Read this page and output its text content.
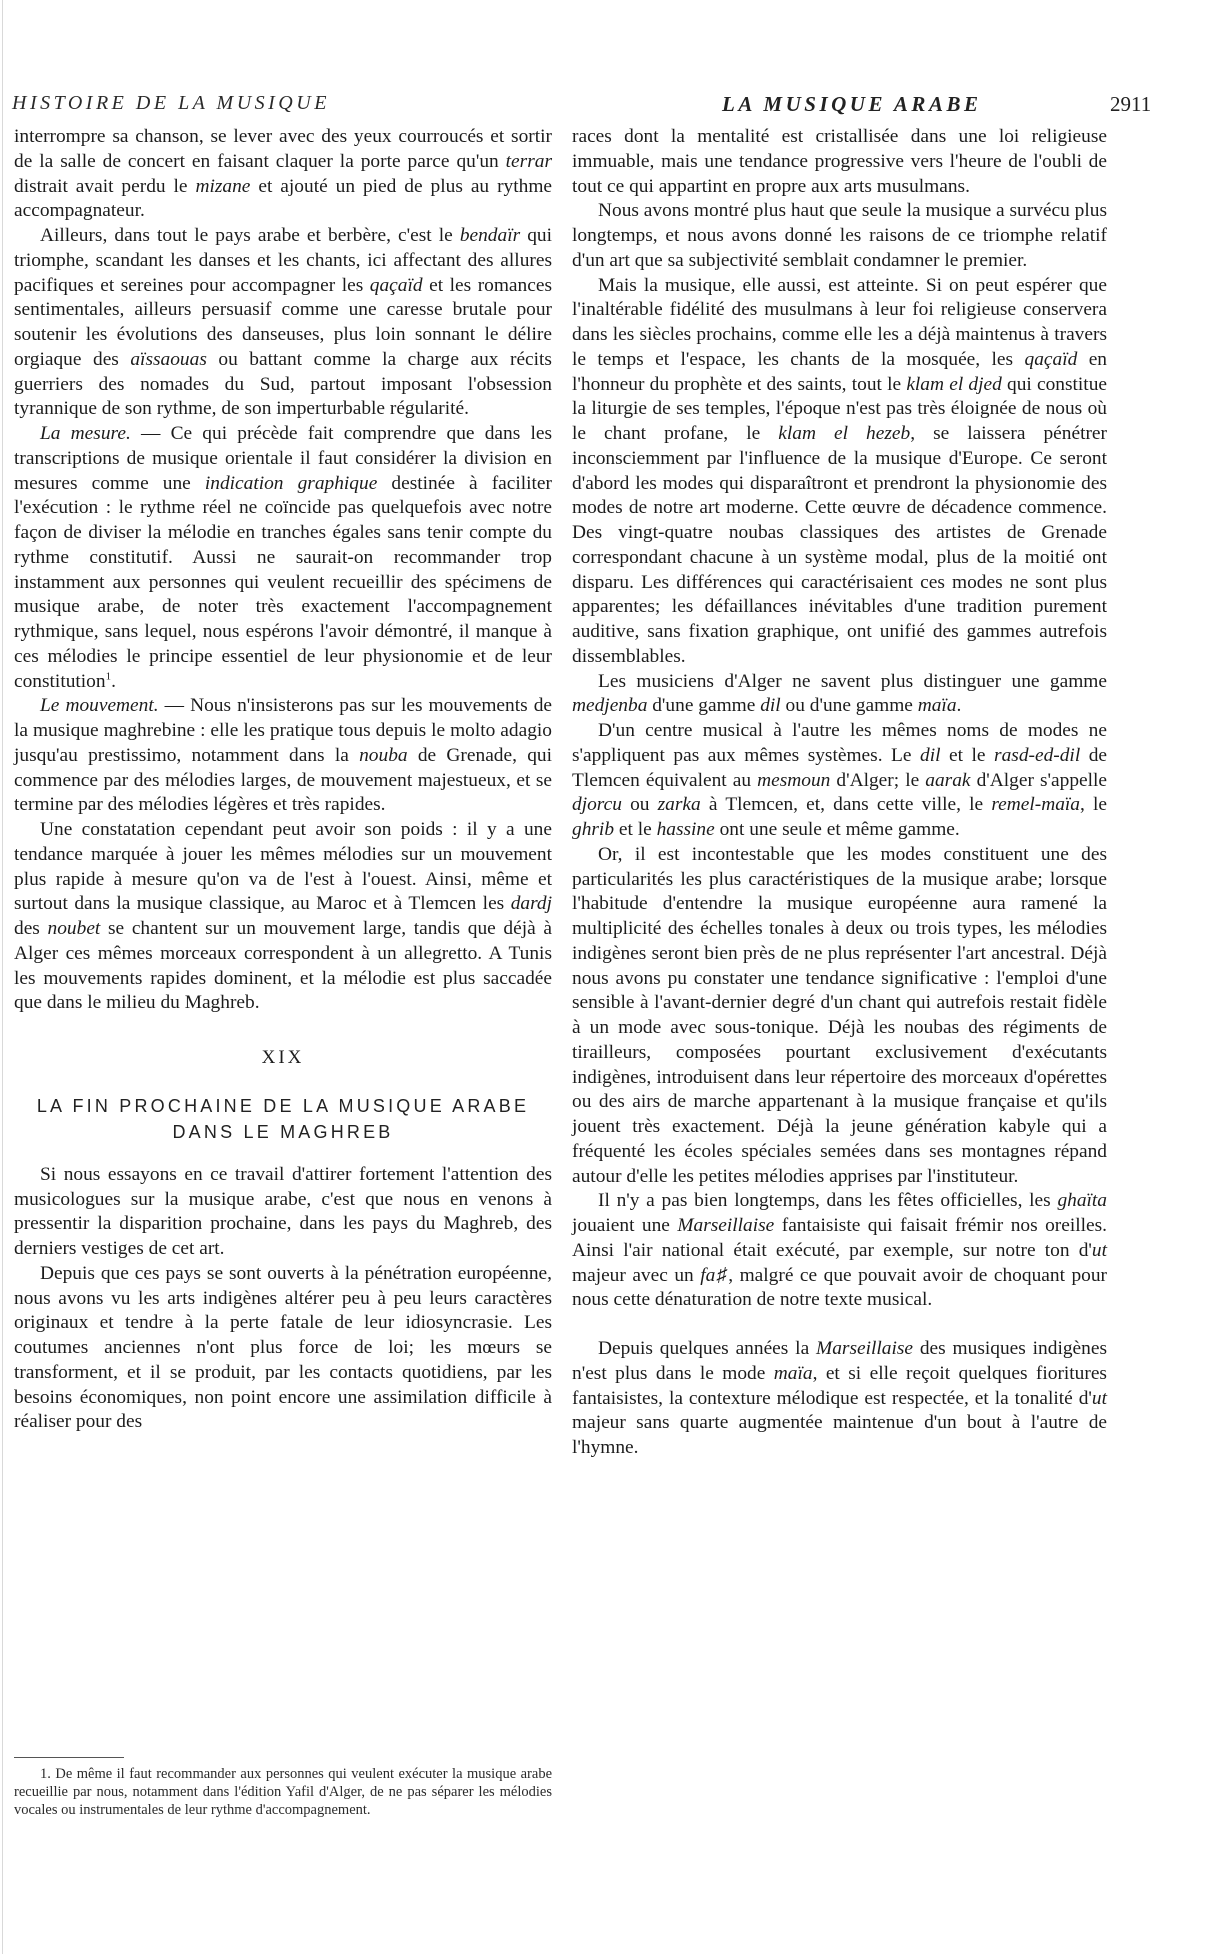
HISTOIRE DE LA MUSIQUE	LA MUSIQUE ARABE	2911

interrompre sa chanson, se lever avec des yeux courroucés et sortir de la salle de concert en faisant claquer la porte parce qu'un terrar distrait avait perdu le mizane et ajouté un pied de plus au rythme accompagnateur.

Ailleurs, dans tout le pays arabe et berbère, c'est le bendaïr qui triomphe, scandant les danses et les chants, ici affectant des allures pacifiques et sereines pour accompagner les qaçaïd et les romances sentimentales, ailleurs persuasif comme une caresse brutale pour soutenir les évolutions des danseuses, plus loin sonnant le délire orgiaque des aïssaouas ou battant comme la charge aux récits guerriers des nomades du Sud, partout imposant l'obsession tyrannique de son rythme, de son imperturbable régularité.

La mesure. — Ce qui précède fait comprendre que dans les transcriptions de musique orientale il faut considérer la division en mesures comme une indication graphique destinée à faciliter l'exécution : le rythme réel ne coïncide pas quelquefois avec notre façon de diviser la mélodie en tranches égales sans tenir compte du rythme constitutif. Aussi ne saurait-on recommander trop instamment aux personnes qui veulent recueillir des spécimens de musique arabe, de noter très exactement l'accompagnement rythmique, sans lequel, nous espérons l'avoir démontré, il manque à ces mélodies le principe essentiel de leur physionomie et de leur constitution$^1$.

Le mouvement. — Nous n'insisterons pas sur les mouvements de la musique maghrebine : elle les pratique tous depuis le molto adagio jusqu'au prestissimo, notamment dans la nouba de Grenade, qui commence par des mélodies larges, de mouvement majestueux, et se termine par des mélodies légères et très rapides.

Une constatation cependant peut avoir son poids : il y a une tendance marquée à jouer les mêmes mélodies sur un mouvement plus rapide à mesure qu'on va de l'est à l'ouest. Ainsi, même et surtout dans la musique classique, au Maroc et à Tlemcen les dardj des noubet se chantent sur un mouvement large, tandis que déjà à Alger ces mêmes morceaux correspondent à un allegretto. A Tunis les mouvements rapides dominent, et la mélodie est plus saccadée que dans le milieu du Maghreb.

XIX
LA FIN PROCHAINE DE LA MUSIQUE ARABE
DANS LE MAGHREB

Si nous essayons en ce travail d'attirer fortement l'attention des musicologues sur la musique arabe, c'est que nous en venons à pressentir la disparition prochaine, dans les pays du Maghreb, des derniers vestiges de cet art.

Depuis que ces pays se sont ouverts à la pénétration européenne, nous avons vu les arts indigènes altérer peu à peu leurs caractères originaux et tendre à la perte fatale de leur idiosyncrasie. Les coutumes anciennes n'ont plus force de loi; les mœurs se transforment, et il se produit, par les contacts quotidiens, par les besoins économiques, non point encore une assimilation difficile à réaliser pour des

1. De même il faut recommander aux personnes qui veulent exécuter la musique arabe recueillie par nous, notamment dans l'édition Yafil d'Alger, de ne pas séparer les mélodies vocales ou instrumentales de leur rythme d'accompagnement.

races dont la mentalité est cristallisée dans une loi religieuse immuable, mais une tendance progressive vers l'heure de l'oubli de tout ce qui appartint en propre aux arts musulmans.

Nous avons montré plus haut que seule la musique a survécu plus longtemps, et nous avons donné les raisons de ce triomphe relatif d'un art que sa subjectivité semblait condamner le premier.

Mais la musique, elle aussi, est atteinte. Si on peut espérer que l'inaltérable fidélité des musulmans à leur foi religieuse conservera dans les siècles prochains, comme elle les a déjà maintenus à travers le temps et l'espace, les chants de la mosquée, les qaçaïd en l'honneur du prophète et des saints, tout le klam el djed qui constitue la liturgie de ses temples, l'époque n'est pas très éloignée de nous où le chant profane, le klam el hezeb, se laissera pénétrer inconsciemment par l'influence de la musique d'Europe. Ce seront d'abord les modes qui disparaîtront et prendront la physionomie des modes de notre art moderne. Cette œuvre de décadence commence. Des vingt-quatre noubas classiques des artistes de Grenade correspondant chacune à un système modal, plus de la moitié ont disparu. Les différences qui caractérisaient ces modes ne sont plus apparentes; les défaillances inévitables d'une tradition purement auditive, sans fixation graphique, ont unifié des gammes autrefois dissemblables.

Les musiciens d'Alger ne savent plus distinguer une gamme medjenba d'une gamme dil ou d'une gamme maïa.

D'un centre musical à l'autre les mêmes noms de modes ne s'appliquent pas aux mêmes systèmes. Le dil et le rasd-ed-dil de Tlemcen équivalent au mesmoun d'Alger; le aarak d'Alger s'appelle djorcu ou zarka à Tlemcen, et, dans cette ville, le remel-maïa, le ghrib et le hassine ont une seule et même gamme.

Or, il est incontestable que les modes constituent une des particularités les plus caractéristiques de la musique arabe; lorsque l'habitude d'entendre la musique européenne aura ramené la multiplicité des échelles tonales à deux ou trois types, les mélodies indigènes seront bien près de ne plus représenter l'art ancestral. Déjà nous avons pu constater une tendance significative : l'emploi d'une sensible à l'avant-dernier degré d'un chant qui autrefois restait fidèle à un mode avec sous-tonique. Déjà les noubas des régiments de tirailleurs, composées pourtant exclusivement d'exécutants indigènes, introduisent dans leur répertoire des morceaux d'opérettes ou des airs de marche appartenant à la musique française et qu'ils jouent très exactement. Déjà la jeune génération kabyle qui a fréquenté les écoles spéciales semées dans ses montagnes répand autour d'elle les petites mélodies apprises par l'instituteur.

Il n'y a pas bien longtemps, dans les fêtes officielles, les ghaïta jouaient une Marseillaise fantaisiste qui faisait frémir nos oreilles. Ainsi l'air national était exécuté, par exemple, sur notre ton d'ut majeur avec un fa♯, malgré ce que pouvait avoir de choquant pour nous cette dénaturation de notre texte musical.

Depuis quelques années la Marseillaise des musiques indigènes n'est plus dans le mode maïa, et si elle reçoit quelques fioritures fantaisistes, la contexture mélodique est respectée, et la tonalité d'ut majeur sans quarte augmentée maintenue d'un bout à l'autre de l'hymne.
